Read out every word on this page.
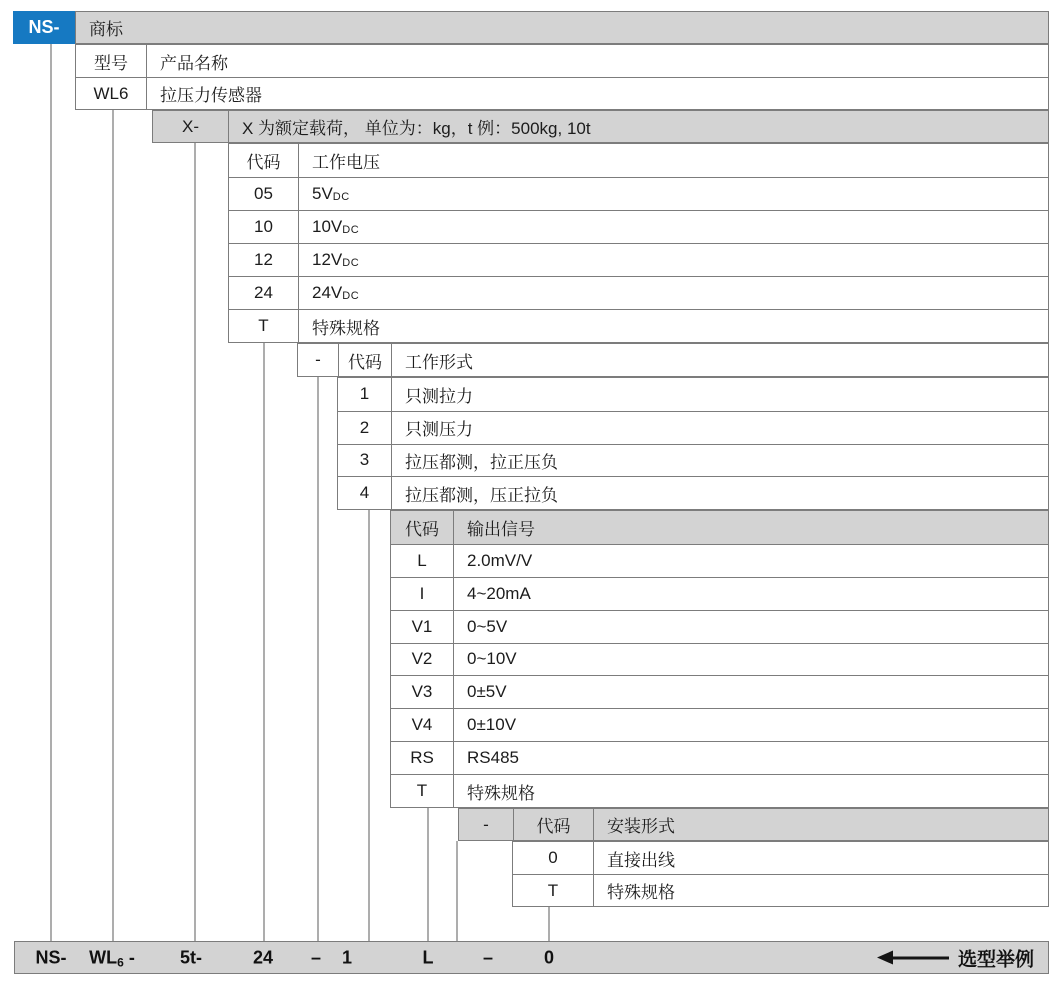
NS-	商标
型号	产品名称
WL6	拉压力传感器
X-	X 为额定载荷， 单位为：kg，t 例：500kg, 10t
代码	工作电压
05	5V DC
10	10V DC
12	12V DC
24	24V DC
T	特殊规格
-	代码	工作形式
1	只测拉力
2	只测压力
3	拉压都测，拉正压负
4	拉压都测，压正拉负
代码	输出信号
L	2.0mV/V
I	4~20mA
V1	0~5V
V2	0~10V
V3	0±5V
V4	0±10V
RS	RS485
T	特殊规格
-	代码	安装形式
0	直接出线
T	特殊规格
NS- WL6 -	5t-	24 – 1	L	–	0	选型举例
